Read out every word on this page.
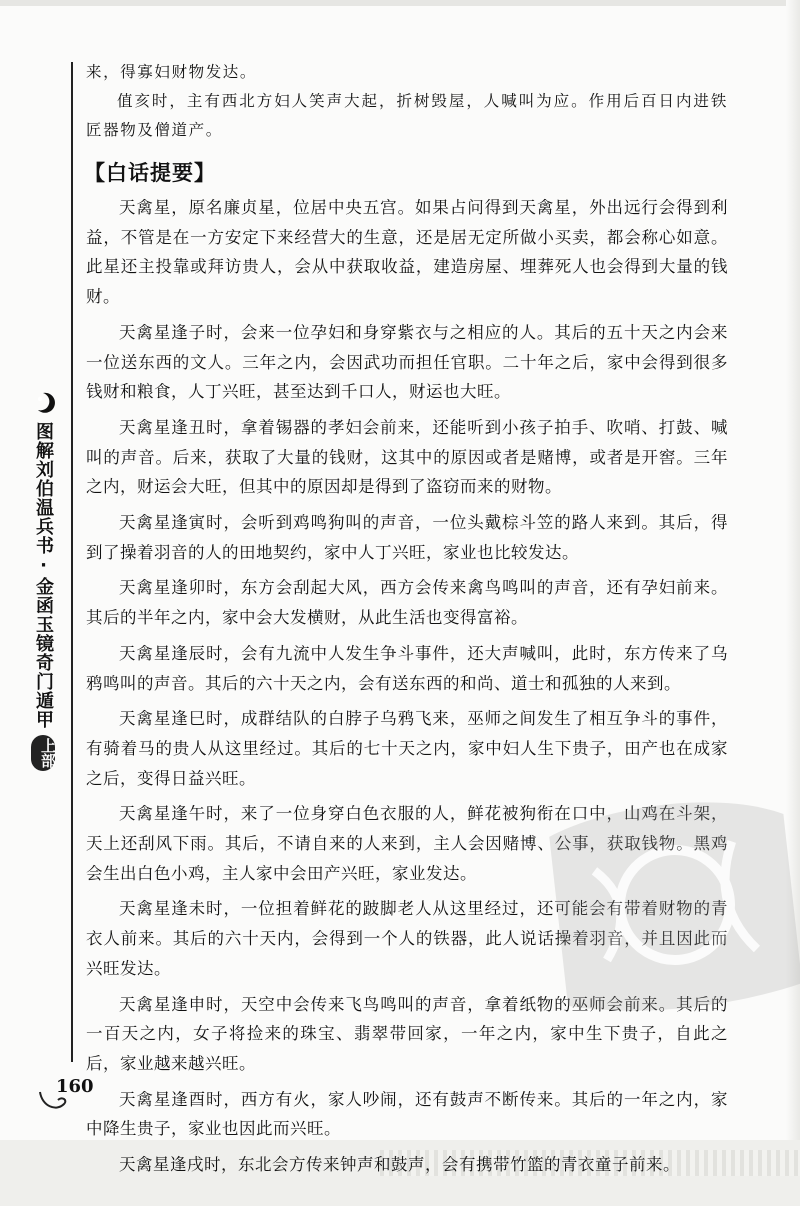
图解刘伯温兵书·金函玉镜奇门遁甲
上部

来，得寡妇财物发达。

值亥时，主有西北方妇人笑声大起，折树毁屋，人喊叫为应。作用后百日内进铁匠器物及僧道产。

【白话提要】

天禽星，原名廉贞星，位居中央五宫。如果占问得到天禽星，外出远行会得到利益，不管是在一方安定下来经营大的生意，还是居无定所做小买卖，都会称心如意。此星还主投靠或拜访贵人，会从中获取收益，建造房屋、埋葬死人也会得到大量的钱财。

天禽星逢子时，会来一位孕妇和身穿紫衣与之相应的人。其后的五十天之内会来一位送东西的文人。三年之内，会因武功而担任官职。二十年之后，家中会得到很多钱财和粮食，人丁兴旺，甚至达到千口人，财运也大旺。

天禽星逢丑时，拿着锡器的孝妇会前来，还能听到小孩子拍手、吹哨、打鼓、喊叫的声音。后来，获取了大量的钱财，这其中的原因或者是赌博，或者是开窖。三年之内，财运会大旺，但其中的原因却是得到了盗窃而来的财物。

天禽星逢寅时，会听到鸡鸣狗叫的声音，一位头戴棕斗笠的路人来到。其后，得到了操着羽音的人的田地契约，家中人丁兴旺，家业也比较发达。

天禽星逢卯时，东方会刮起大风，西方会传来禽鸟鸣叫的声音，还有孕妇前来。其后的半年之内，家中会大发横财，从此生活也变得富裕。

天禽星逢辰时，会有九流中人发生争斗事件，还大声喊叫，此时，东方传来了乌鸦鸣叫的声音。其后的六十天之内，会有送东西的和尚、道士和孤独的人来到。

天禽星逢巳时，成群结队的白脖子乌鸦飞来，巫师之间发生了相互争斗的事件，有骑着马的贵人从这里经过。其后的七十天之内，家中妇人生下贵子，田产也在成家之后，变得日益兴旺。

天禽星逢午时，来了一位身穿白色衣服的人，鲜花被狗衔在口中，山鸡在斗架，天上还刮风下雨。其后，不请自来的人来到，主人会因赌博、公事，获取钱物。黑鸡会生出白色小鸡，主人家中会田产兴旺，家业发达。

天禽星逢未时，一位担着鲜花的跛脚老人从这里经过，还可能会有带着财物的青衣人前来。其后的六十天内，会得到一个人的铁器，此人说话操着羽音，并且因此而兴旺发达。

天禽星逢申时，天空中会传来飞鸟鸣叫的声音，拿着纸物的巫师会前来。其后的一百天之内，女子将捡来的珠宝、翡翠带回家，一年之内，家中生下贵子，自此之后，家业越来越兴旺。

天禽星逢酉时，西方有火，家人吵闹，还有鼓声不断传来。其后的一年之内，家中降生贵子，家业也因此而兴旺。

天禽星逢戌时，东北会方传来钟声和鼓声，会有携带竹篮的青衣童子前来。

160
